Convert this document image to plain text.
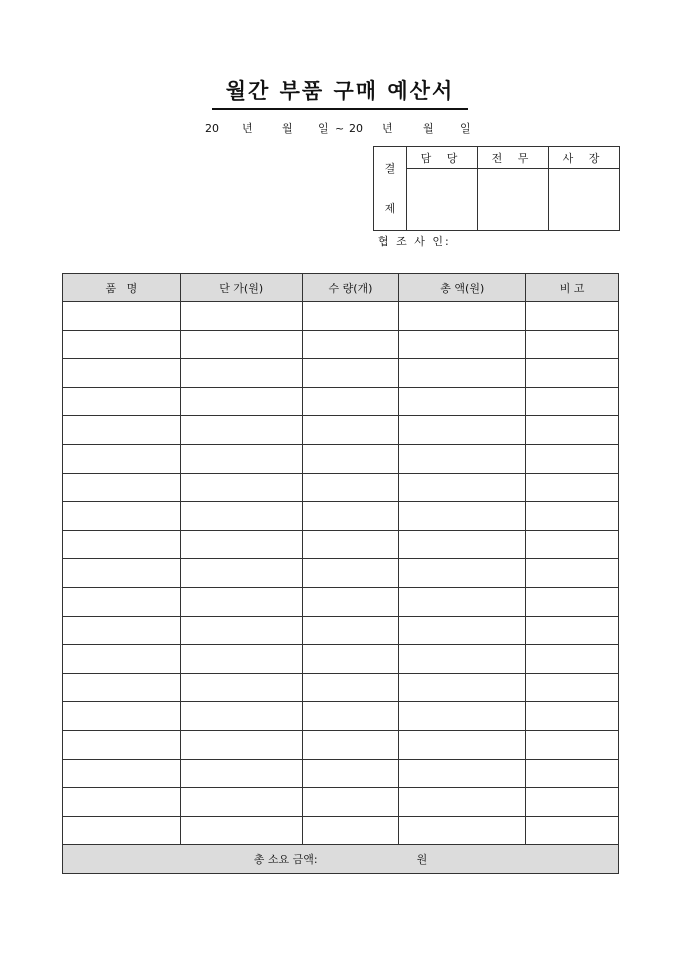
월간 부품 구매 예산서
20 년	월 일 ~ 20 년	월 일
결
제	담 당	전 무	사 장

협 조 사 인:
품   명	단 가(원)	수 량(개)	총 액(원)	비 고

총 소요 금액: 원				
